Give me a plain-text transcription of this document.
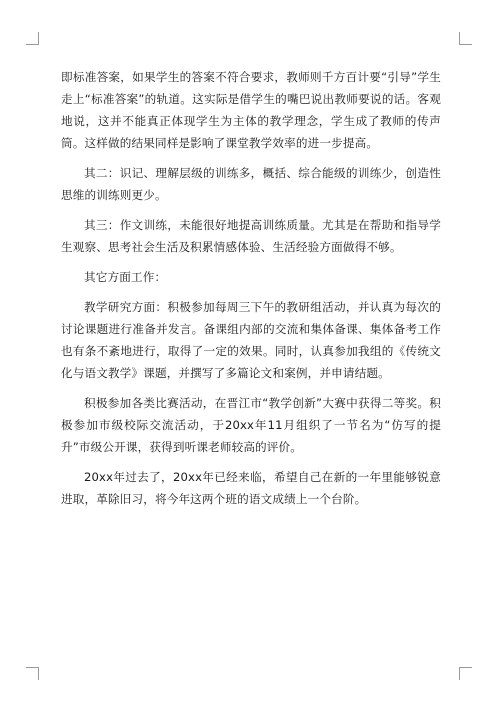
即标准答案，如果学生的答案不符合要求，教师则千方百计要“引导”学生走上“标准答案”的轨道。这实际是借学生的嘴巴说出教师要说的话。客观地说，这并不能真正体现学生为主体的教学理念，学生成了教师的传声筒。这样做的结果同样是影响了课堂教学效率的进一步提高。

其二：识记、理解层级的训练多，概括、综合能级的训练少，创造性思维的训练则更少。

其三：作文训练，未能很好地提高训练质量。尤其是在帮助和指导学生观察、思考社会生活及积累情感体验、生活经验方面做得不够。

其它方面工作：

教学研究方面：积极参加每周三下午的教研组活动，并认真为每次的讨论课题进行准备并发言。备课组内部的交流和集体备课、集体备考工作也有条不紊地进行，取得了一定的效果。同时，认真参加我组的《传统文化与语文教学》课题，并撰写了多篇论文和案例，并申请结题。

积极参加各类比赛活动，在晋江市“教学创新”大赛中获得二等奖。积极参加市级校际交流活动，于20xx年11月组织了一节名为“仿写的提升”市级公开课，获得到听课老师较高的评价。

20xx年过去了，20xx年已经来临，希望自己在新的一年里能够锐意进取，革除旧习，将今年这两个班的语文成绩上一个台阶。
